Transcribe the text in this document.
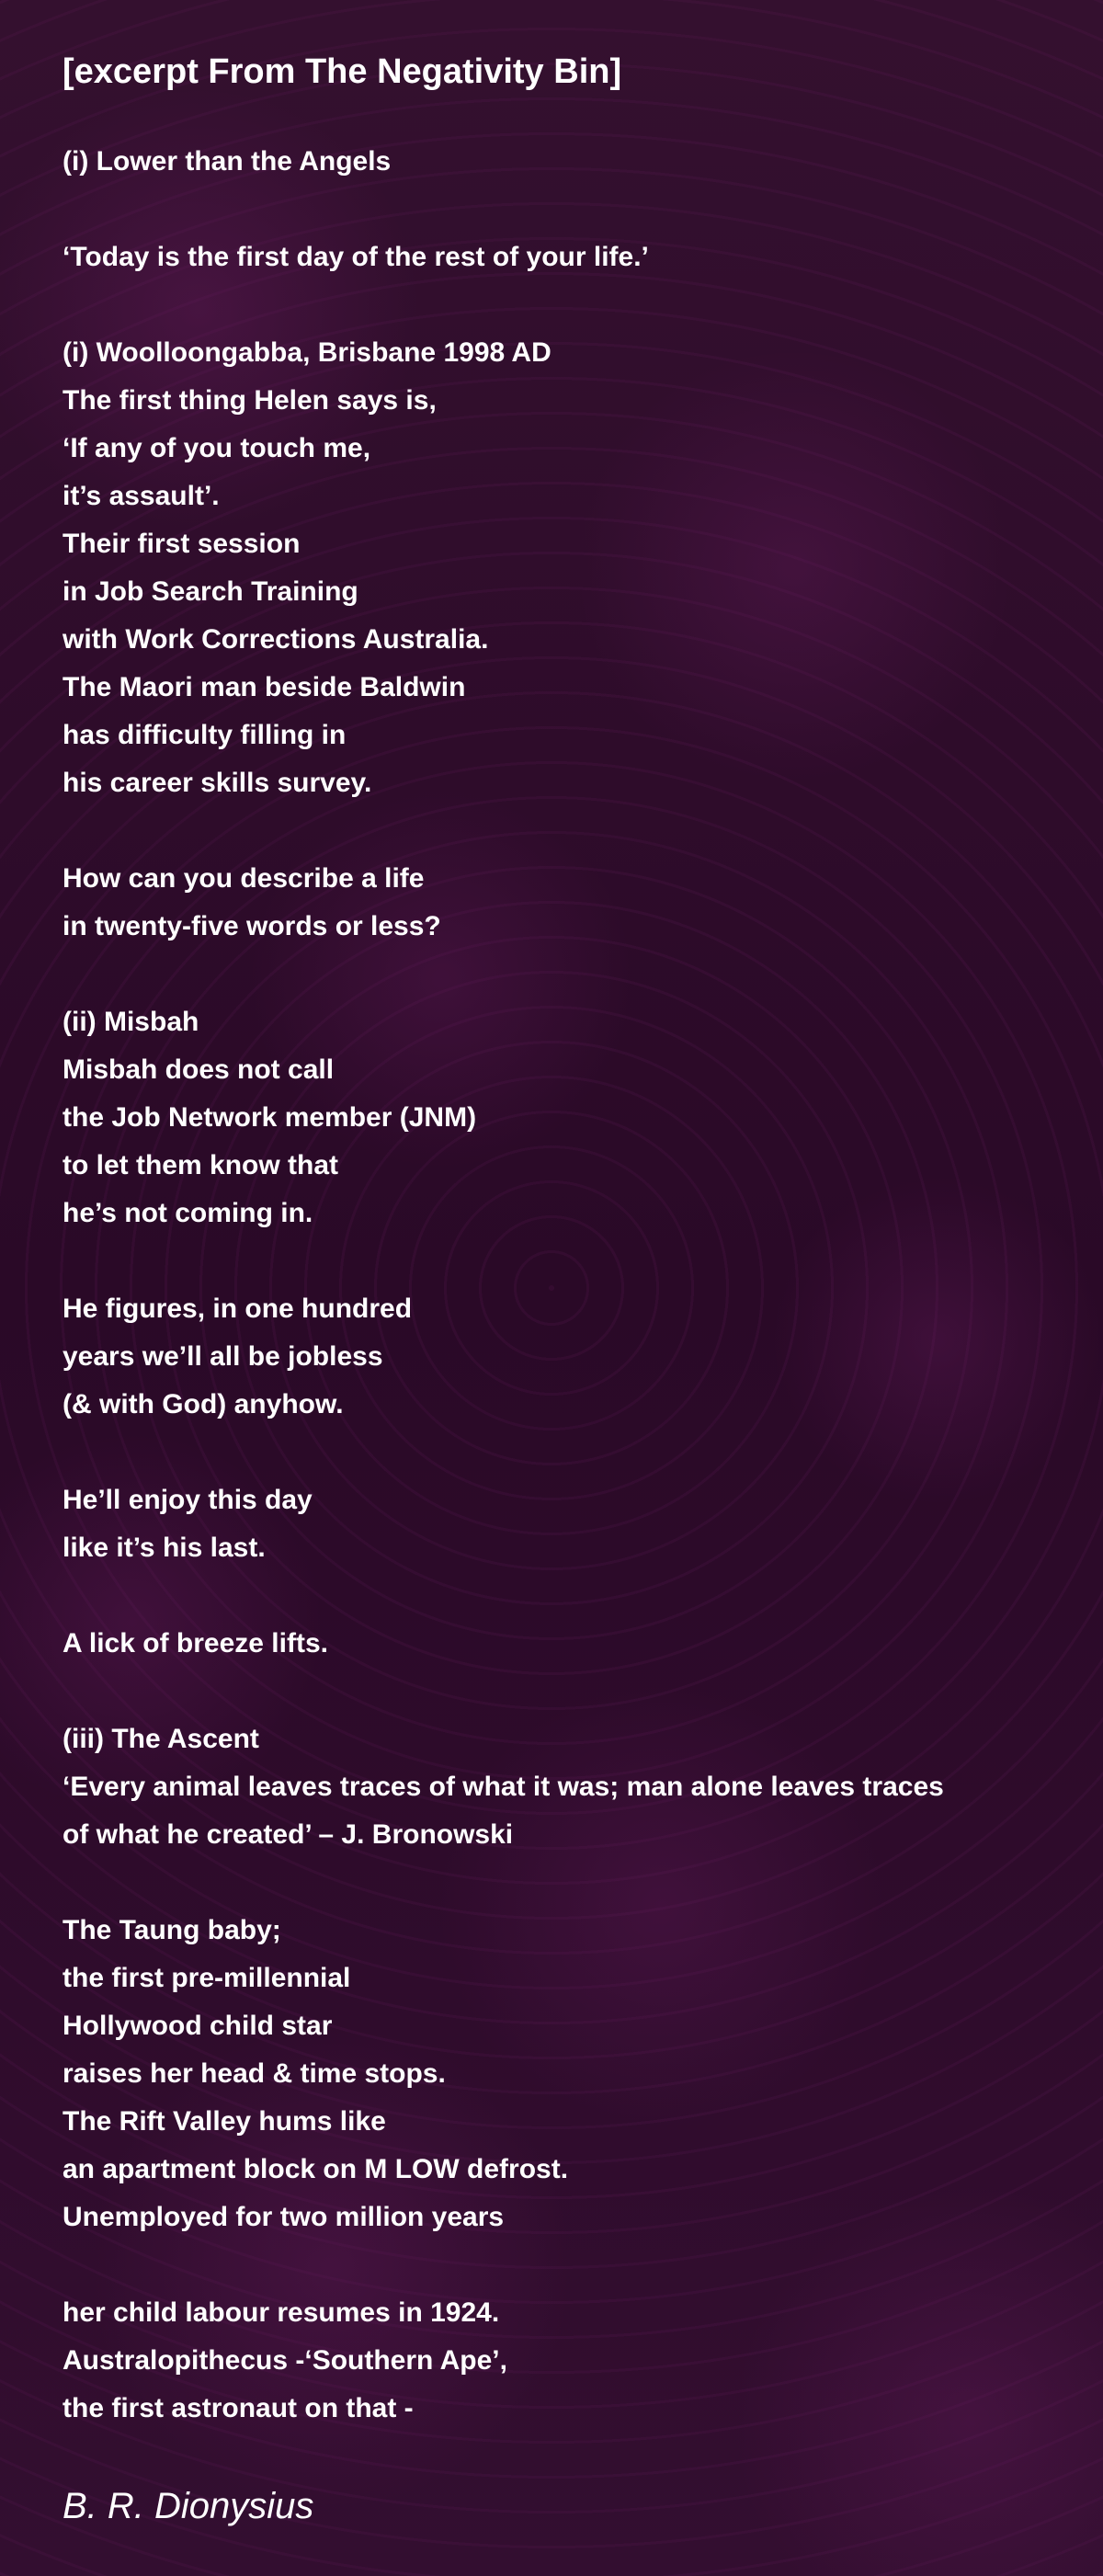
[excerpt From The Negativity Bin]
(i) Lower than the Angels
‘Today is the first day of the rest of your life.’
(i) Woolloongabba, Brisbane 1998 AD
The first thing Helen says is,
‘If any of you touch me,
it’s assault’.
Their first session
in Job Search Training
with Work Corrections Australia.
The Maori man beside Baldwin
has difficulty filling in
his career skills survey.
How can you describe a life
in twenty-five words or less?
(ii) Misbah
Misbah does not call
the Job Network member (JNM)
to let them know that
he’s not coming in.
He figures, in one hundred
years we’ll all be jobless
(& with God) anyhow.
He’ll enjoy this day
like it’s his last.
A lick of breeze lifts.
(iii) The Ascent
‘Every animal leaves traces of what it was; man alone leaves traces
of what he created’ – J. Bronowski
The Taung baby;
the first pre-millennial
Hollywood child star
raises her head & time stops.
The Rift Valley hums like
an apartment block on M LOW defrost.
Unemployed for two million years
her child labour resumes in 1924.
Australopithecus -‘Southern Ape’,
the first astronaut on that -
B. R. Dionysius
